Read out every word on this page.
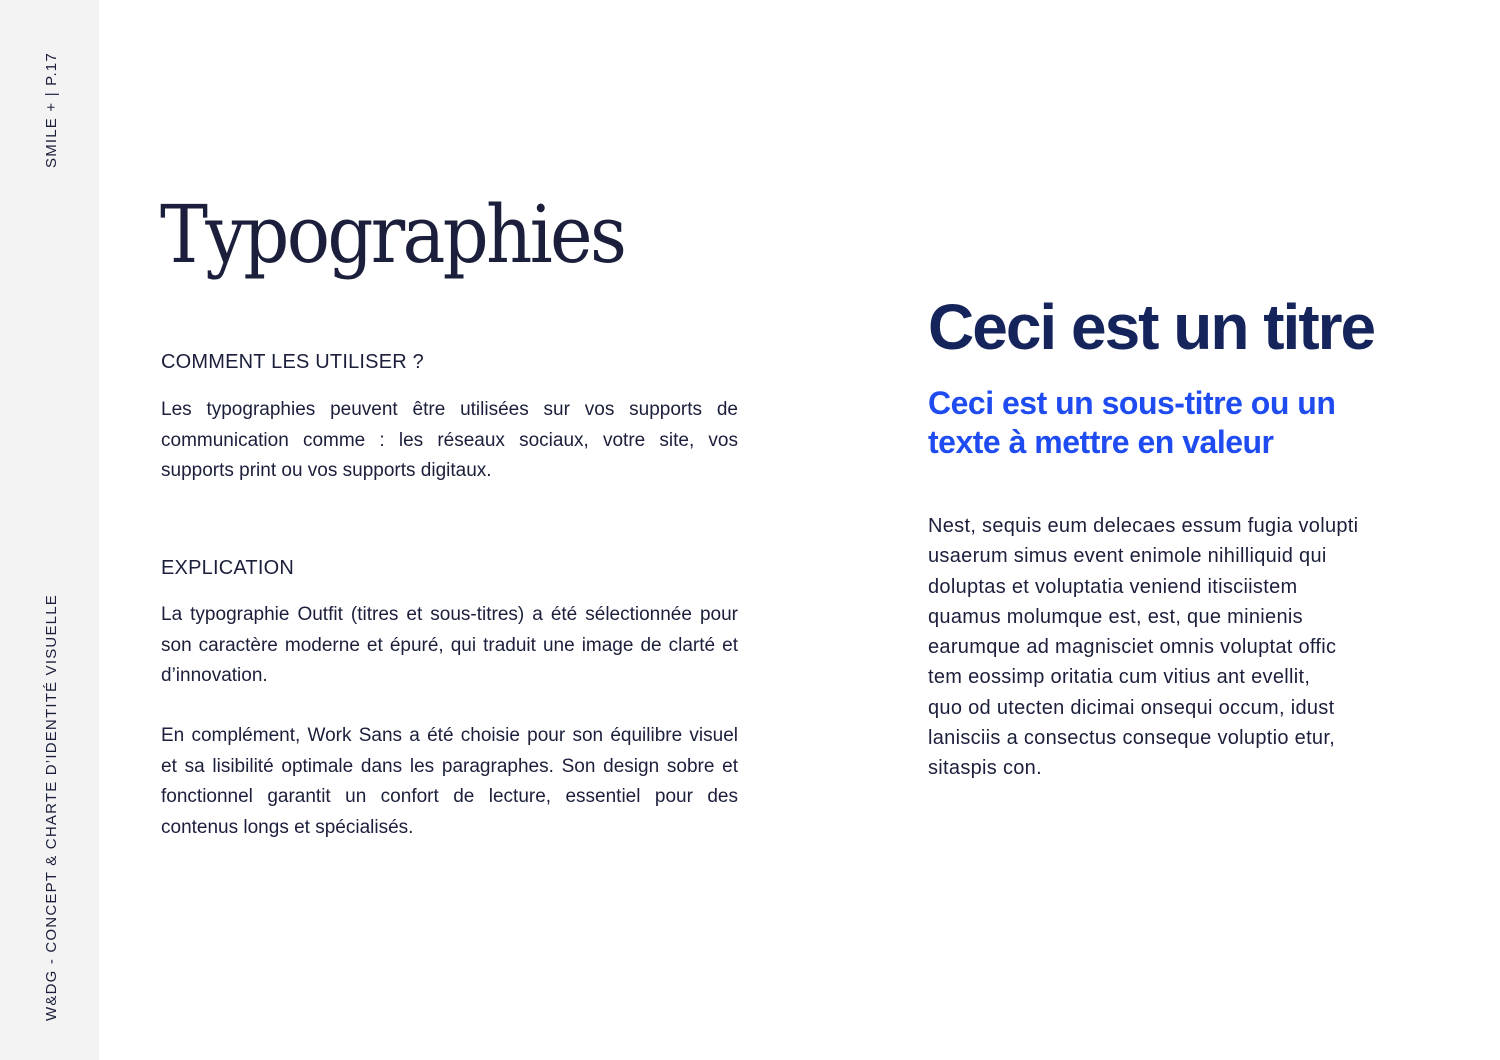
SMILE + | P.17
W&DG - CONCEPT & CHARTE D’IDENTITÉ VISUELLE
Typographies

COMMENT LES UTILISER ?

Les typographies peuvent être utilisées sur vos supports de communication comme : les réseaux sociaux, votre site, vos supports print ou vos supports digitaux.

EXPLICATION

La typographie Outfit (titres et sous-titres) a été sélectionnée pour son caractère moderne et épuré, qui traduit une image de clarté et d’innovation.

En complément, Work Sans a été choisie pour son équilibre visuel et sa lisibilité optimale dans les paragraphes. Son design sobre et fonctionnel garantit un confort de lecture, essentiel pour des contenus longs et spécialisés.

Ceci est un titre

Ceci est un sous-titre ou un
texte à mettre en valeur

Nest, sequis eum delecaes essum fugia volupti
usaerum simus event enimole nihilliquid qui
doluptas et voluptatia veniend itisciistem
quamus molumque est, est, que minienis
earumque ad magnisciet omnis voluptat offic
tem eossimp oritatia cum vitius ant evellit,
quo od utecten dicimai onsequi occum, idust
lanisciis a consectus conseque voluptio etur,
sitaspis con.
